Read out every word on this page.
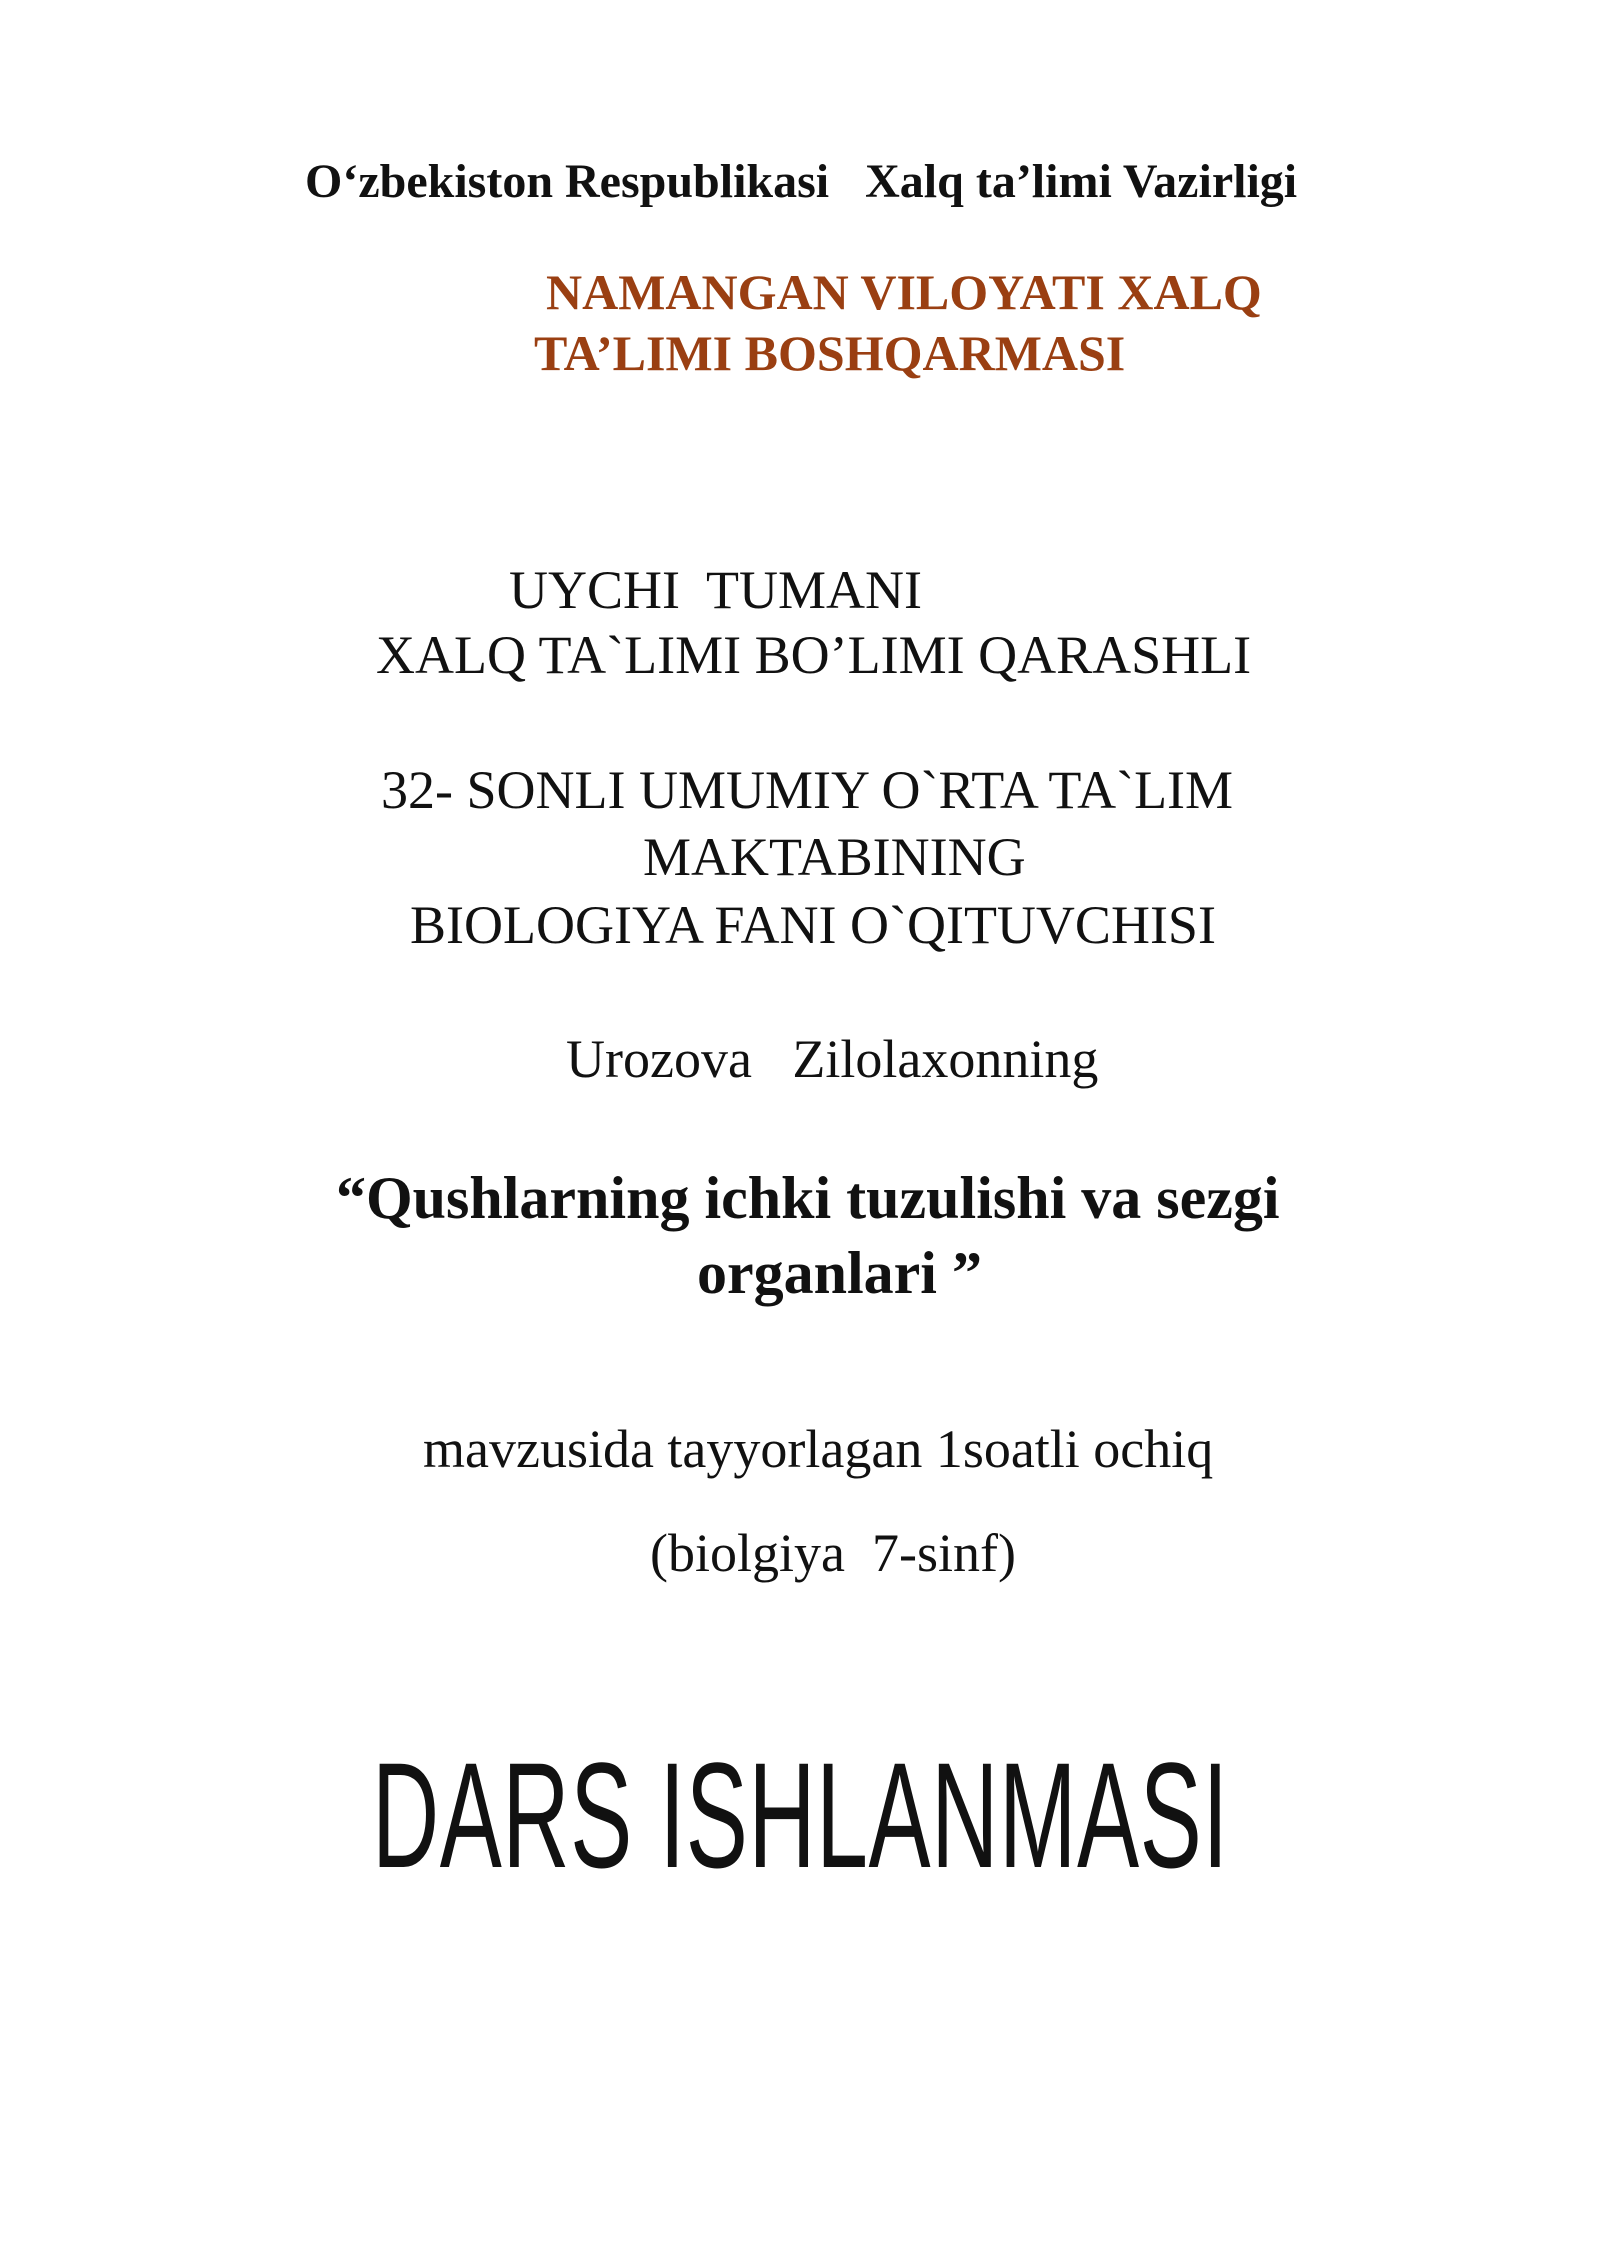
O‘zbekiston Respublikasi   Xalq ta’limi Vazirligi
NAMANGAN VILOYATI XALQ
TA’LIMI BOSHQARMASI
UYCHI  TUMANI
XALQ TA`LIMI BO’LIMI QARASHLI
32- SONLI UMUMIY O`RTA TA`LIM
MAKTABINING
BIOLOGIYA FANI O`QITUVCHISI
Urozova   Zilolaxonning
“Qushlarning ichki tuzulishi va sezgi
organlari ”
mavzusida tayyorlagan 1soatli ochiq
(biolgiya  7-sinf)
DARS ISHLANMASI
